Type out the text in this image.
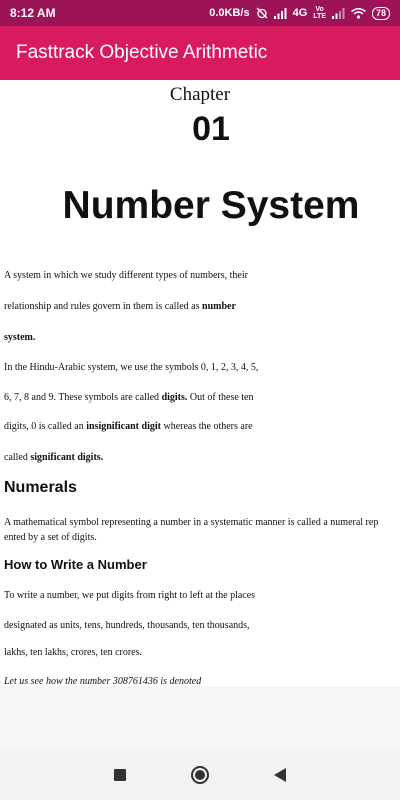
8:12 AM	0.0KB/s	4G	Vo
LTE	78
Fasttrack Objective Arithmetic
Chapter
01
Number System
A system in which we study different types of numbers, their
relationship and rules govern in them is called as number
system.
In the Hindu-Arabic system, we use the symbols 0, 1, 2, 3, 4, 5,
6, 7, 8 and 9. These symbols are called digits. Out of these ten
digits, 0 is called an insignificant digit whereas the others are
called significant digits.
Numerals
A mathematical symbol representing a number in a systematic manner is called a numeral rep
ented by a set of digits.
How to Write a Number
To write a number, we put digits from right to left at the places
designated as units, tens, hundreds, thousands, ten thousands,
lakhs, ten lakhs, crores, ten crores.
Let us see how the number 308761436 is denoted
